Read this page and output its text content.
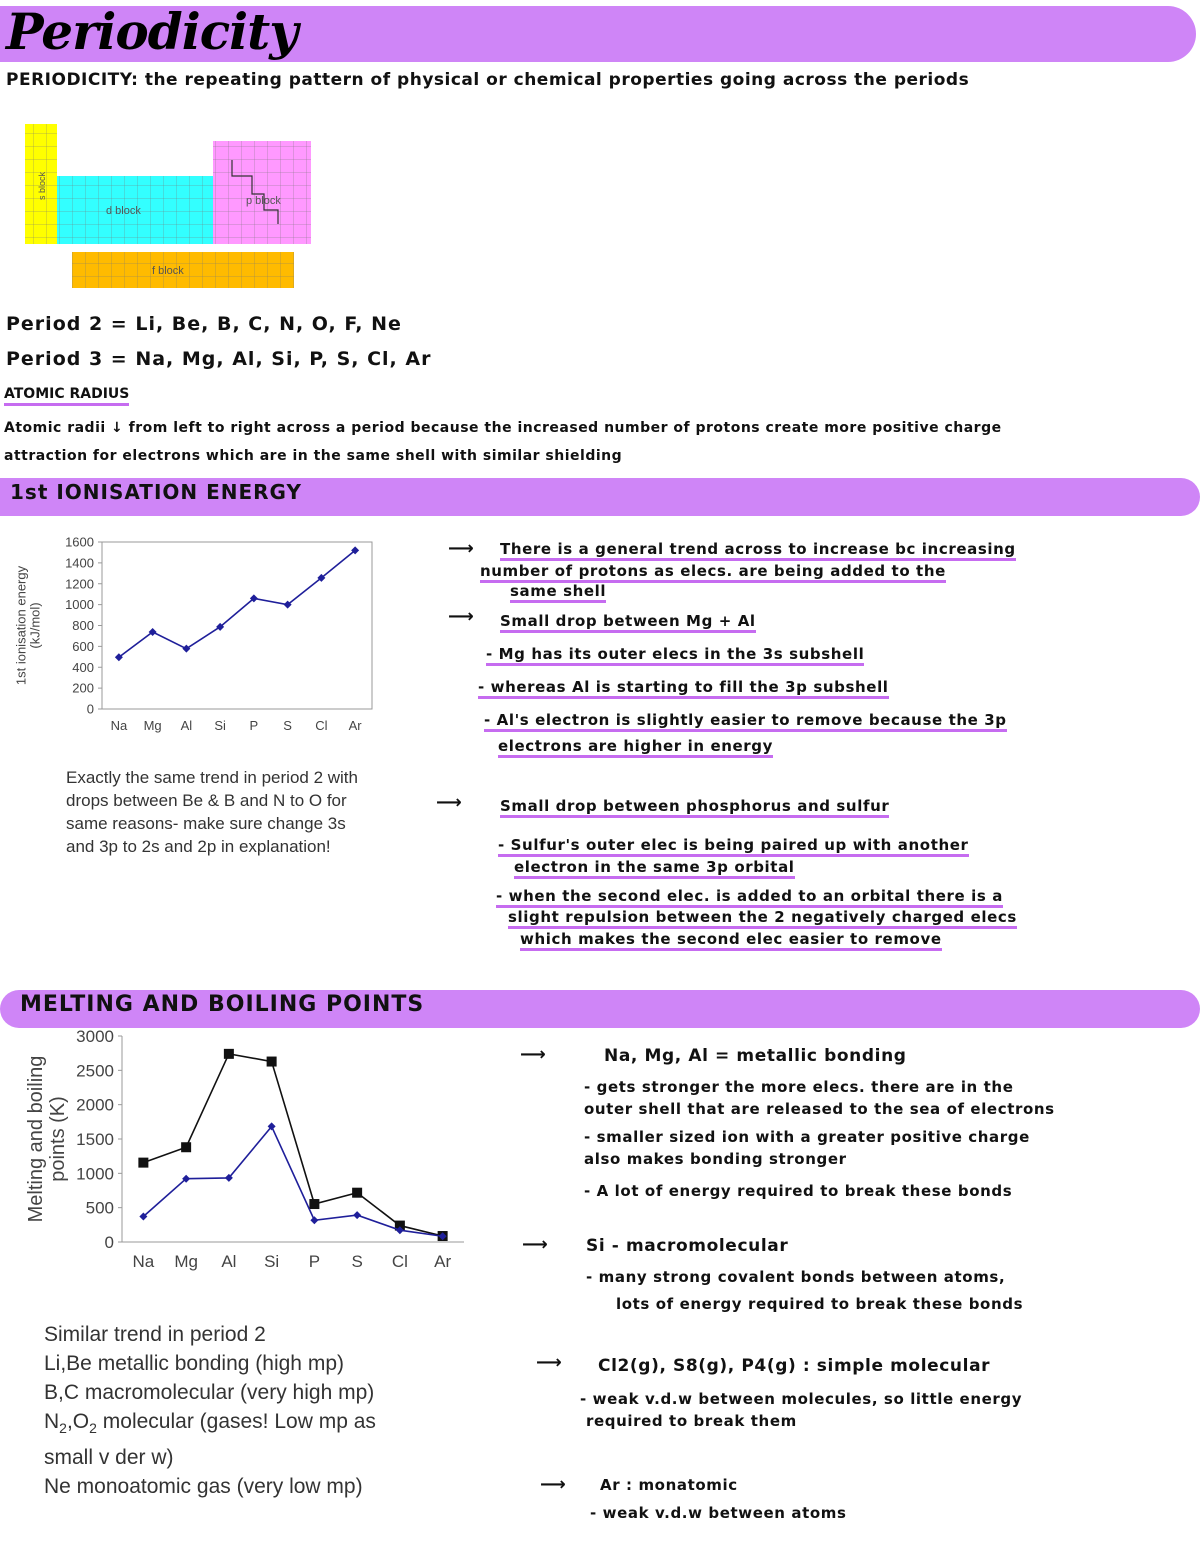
Periodicity
PERIODICITY: the repeating pattern of physical or chemical properties going across the periods
s block
d block
p block
f block
Period 2 = Li, Be, B, C, N, O, F, Ne
Period 3 = Na, Mg, Al, Si, P, S, Cl, Ar
ATOMIC RADIUS
Atomic radii ↓ from left to right across a period because the increased number of protons create more positive charge
attraction for electrons which are in the same shell with similar shielding
1st IONISATION ENERGY
0
200
400
600
800
1000
1200
1400
1600
Na Mg Al Si P S Cl Ar
1st ionisation energy(kJ/mol)
Exactly the same trend in period 2 with
drops between Be & B and N to O for
same reasons- make sure change 3s
and 3p to 2s and 2p in explanation!
⟶ There is a general trend across to increase bc increasing
number of protons as elecs. are being added to the
same shell
⟶ Small drop between Mg + Al
- Mg has its outer elecs in the 3s subshell
- whereas Al is starting to fill the 3p subshell
- Al's electron is slightly easier to remove because the 3p
electrons are higher in energy
⟶	Small drop between phosphorus and sulfur
- Sulfur's outer elec is being paired up with another
electron in the same 3p orbital
- when the second elec. is added to an orbital there is a
slight repulsion between the 2 negatively charged elecs
which makes the second elec easier to remove
MELTING AND BOILING POINTS
0
500
1000
1500
2000
2500
3000
Na Mg Al Si P S Cl Ar
Melting and boilingpoints (K)
Similar trend in period 2
Li,Be metallic bonding (high mp)
B,C macromolecular (very high mp)
$N_2,O_2$ molecular (gases! Low mp as
small v der w)
Ne monoatomic gas (very low mp)
⟶	Na, Mg, Al = metallic bonding
- gets stronger the more elecs. there are in the
outer shell that are released to the sea of electrons
- smaller sized ion with a greater positive charge
also makes bonding stronger
- A lot of energy required to break these bonds
⟶ Si - macromolecular
- many strong covalent bonds between atoms,
lots of energy required to break these bonds
⟶ Cl2(g), S8(g), P4(g) : simple molecular
- weak v.d.w between molecules, so little energy
required to break them
⟶ Ar : monatomic
- weak v.d.w between atoms
